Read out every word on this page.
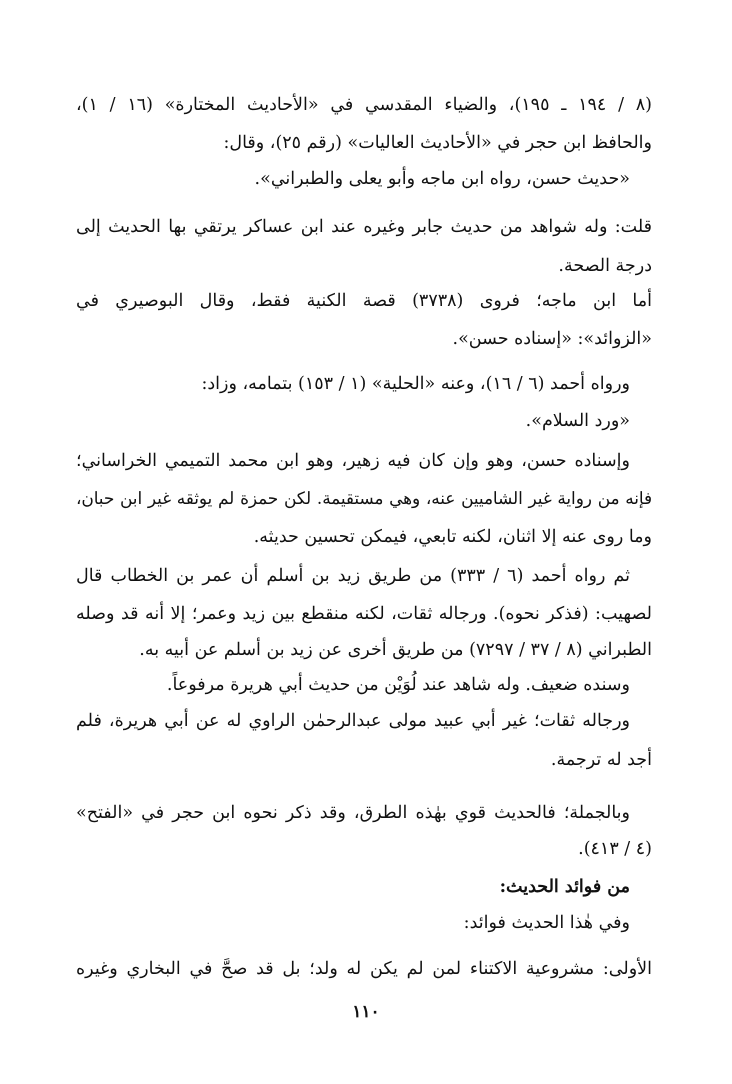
(٨ / ١٩٤ ـ ١٩٥)، والضياء المقدسي في «الأحاديث المختارة» (١٦ / ١)،
والحافظ ابن حجر في «الأحاديث العاليات» (رقم ٢٥)، وقال:
«حديث حسن، رواه ابن ماجه وأبو يعلى والطبراني».
قلت: وله شواهد من حديث جابر وغيره عند ابن عساكر يرتقي بها الحديث إلى
درجة الصحة.
أما ابن ماجه؛ فروى (٣٧٣٨) قصة الكنية فقط، وقال البوصيري في
«الزوائد»: «إسناده حسن».
ورواه أحمد (٦ / ١٦)، وعنه «الحلية» (١ / ١٥٣) بتمامه، وزاد:
«ورد السلام».
وإسناده حسن، وهو وإن كان فيه زهير، وهو ابن محمد التميمي الخراساني؛
فإنه من رواية غير الشاميين عنه، وهي مستقيمة. لكن حمزة لم يوثقه غير ابن حبان،
وما روى عنه إلا اثنان، لكنه تابعي، فيمكن تحسين حديثه.
ثم رواه أحمد (٦ / ٣٣٣) من طريق زيد بن أسلم أن عمر بن الخطاب قال
لصهيب: (فذكر نحوه). ورجاله ثقات، لكنه منقطع بين زيد وعمر؛ إلا أنه قد وصله
الطبراني (٨ / ٣٧ / ٧٢٩٧) من طريق أخرى عن زيد بن أسلم عن أبيه به.
وسنده ضعيف. وله شاهد عند لُوَيْن من حديث أبي هريرة مرفوعاً.
ورجاله ثقات؛ غير أبي عبيد مولى عبدالرحمٰن الراوي له عن أبي هريرة، فلم
أجد له ترجمة.
وبالجملة؛ فالحديث قوي بهٰذه الطرق، وقد ذكر نحوه ابن حجر في «الفتح»
(٤ / ٤١٣).
من فوائد الحديث:
وفي هٰذا الحديث فوائد:
الأولى: مشروعية الاكتناء لمن لم يكن له ولد؛ بل قد صحَّ في البخاري وغيره
١١٠
